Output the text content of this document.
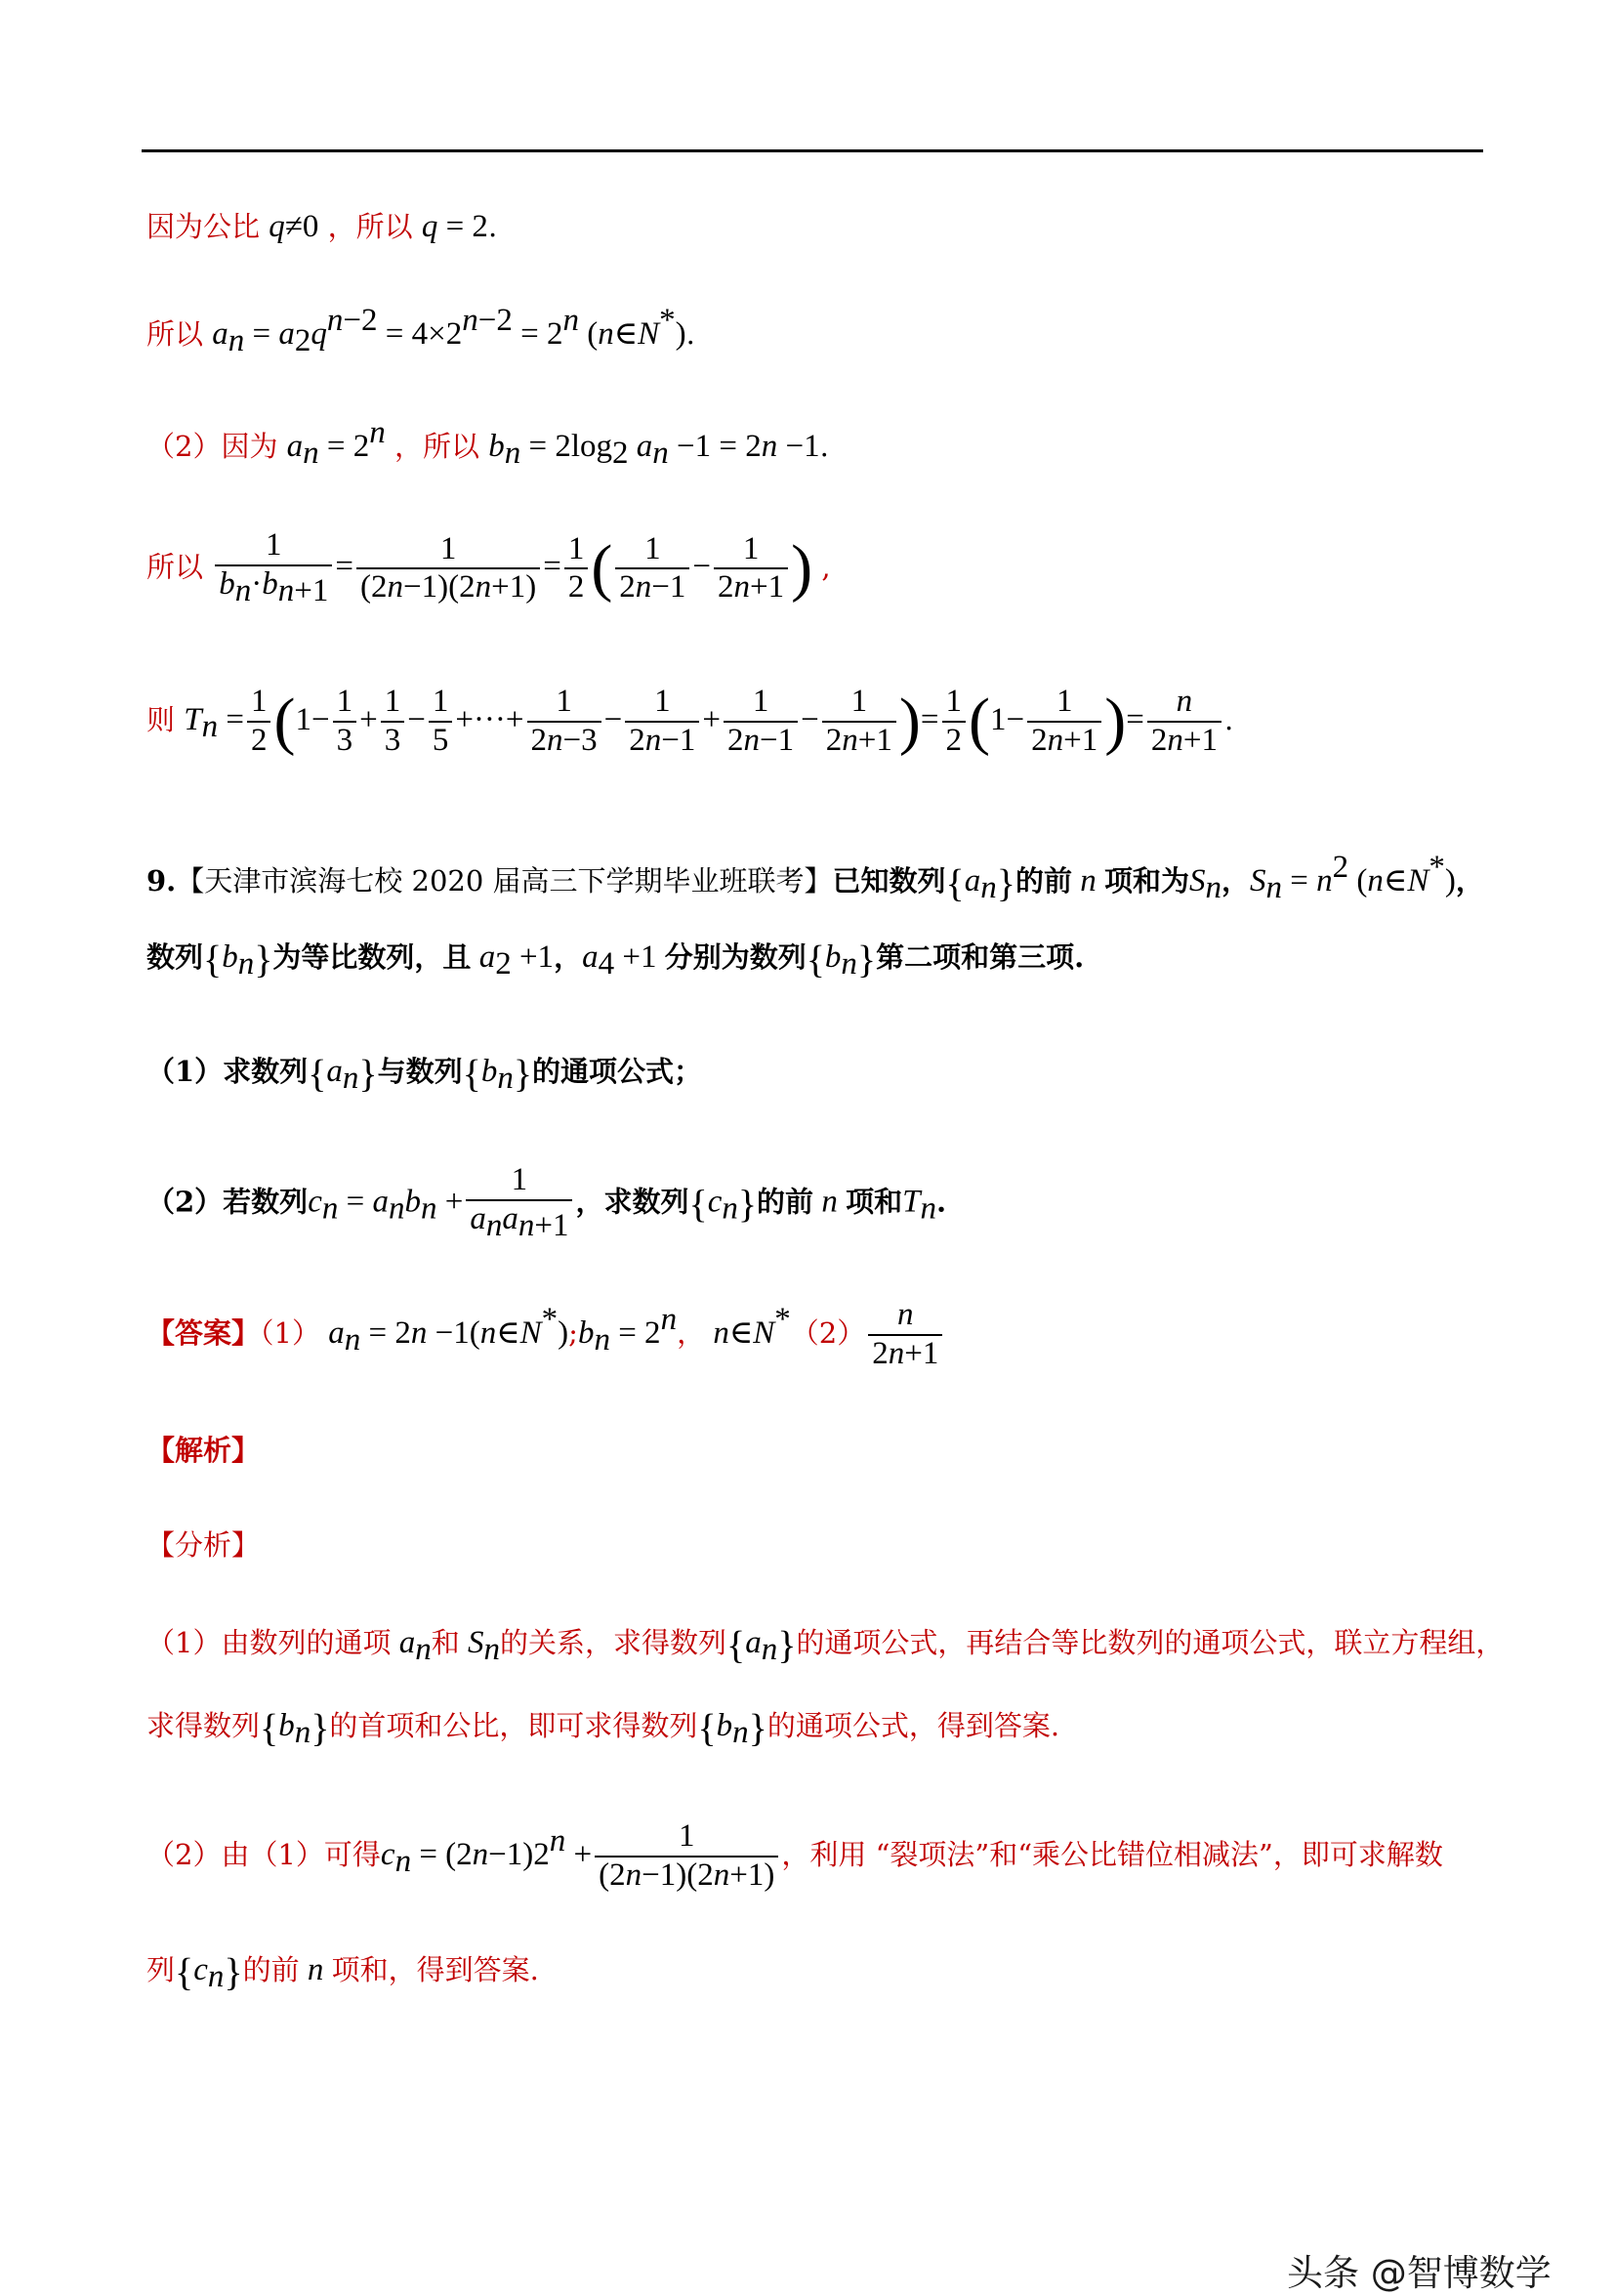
因为公比 q≠0 ，所以 q = 2.
所以 $a_n = a_2q^{n-2} = 4\times 2^{n-2} = 2^n$ (n∈N*).
（2）因为 $a_n = 2^n$ ，所以 $b_n = 2\log_2$ $a_n -1 = 2n -1$.
所以 $\frac{1}{b_n\cdot b_{n+1}} = \frac{1}{(2n-1)(2n+1)} = \frac{1}{2}$ ( $\frac{1}{2n-1} - \frac{1}{2n+1}$ ) ,
则 $T_n = \frac{1}{2} (1- \frac{1}{3} + \frac{1}{3} - \frac{1}{5}$ +···+ $\frac{1}{2n-3} - \frac{1}{2n-1} + \frac{1}{2n-1} - \frac{1}{2n+1}$ )= $\frac{1}{2} (1- \frac{1}{2n+1}$ )= $\frac{n}{2n+1}$ .
9.【天津市滨海七校 2020 届高三下学期毕业班联考】已知数列$\{a_n\}$的前 n 项和为$S_n$，$S_n = n^2$ (n∈N*)，
数列$\{b_n\}$为等比数列，且 $a_2 +1$，$a_4 +1$ 分别为数列$\{b_n\}$第二项和第三项.
（1）求数列$\{a_n\}$与数列$\{b_n\}$的通项公式；
（2）若数列$c_n = a_nb_n + \frac{1}{a_na_{n+1}}$ ，求数列$\{c_n\}$的前 n 项和$T_n$.
【答案】（1） $a_n = 2n$ $-1(n\in N^*);b_n = 2^n$， n∈N*（2） $\frac{n}{2n+1}$
【解析】
【分析】
（1）由数列的通项 $a_n$和 $S_n$的关系，求得数列$\{a_n\}$的通项公式，再结合等比数列的通项公式，联立方程组，
求得数列$\{b_n\}$的首项和公比，即可求得数列$\{b_n\}$的通项公式，得到答案.
（2）由（1）可得$c_n = (2n-1)2^n + \frac{1}{(2n-1)(2n+1)}$ ，利用 “裂项法”和“乘公比错位相减法”，即可求解数
列$\{c_n\}$的前 n 项和，得到答案.
头条 @智博数学
